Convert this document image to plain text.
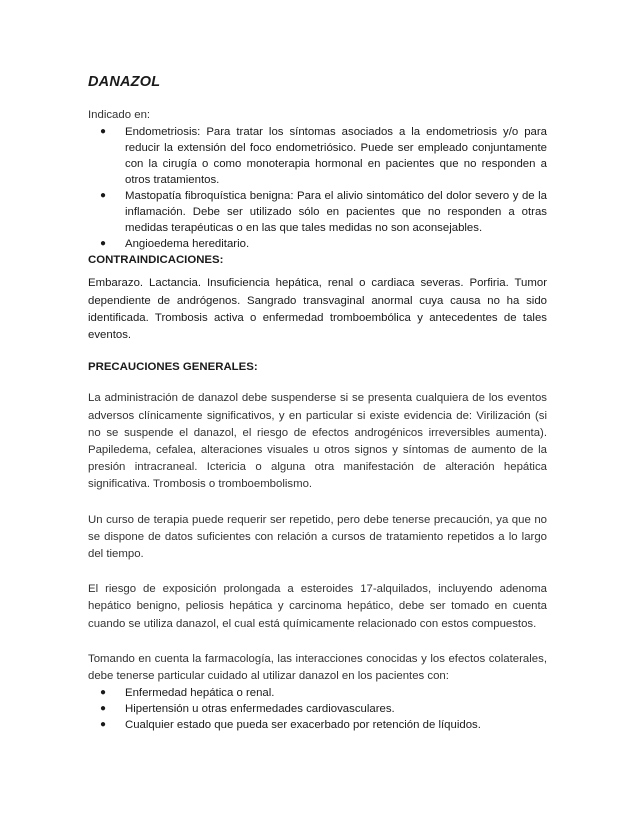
DANAZOL

Indicado en:

● Endometriosis: Para tratar los síntomas asociados a la endometriosis y/o para reducir la extensión del foco endometriósico. Puede ser empleado conjuntamente con la cirugía o como monoterapia hormonal en pacientes que no responden a otros tratamientos.
● Mastopatía fibroquística benigna: Para el alivio sintomático del dolor severo y de la inflamación. Debe ser utilizado sólo en pacientes que no responden a otras medidas terapéuticas o en las que tales medidas no son aconsejables.
● Angioedema hereditario.
CONTRAINDICACIONES:

Embarazo. Lactancia. Insuficiencia hepática, renal o cardiaca severas. Porfiria. Tumor dependiente de andrógenos. Sangrado transvaginal anormal cuya causa no ha sido identificada. Trombosis activa o enfermedad tromboembólica y antecedentes de tales eventos.

PRECAUCIONES GENERALES:

La administración de danazol debe suspenderse si se presenta cualquiera de los eventos adversos clínicamente significativos, y en particular si existe evidencia de: Virilización (si no se suspende el danazol, el riesgo de efectos androgénicos irreversibles aumenta). Papiledema, cefalea, alteraciones visuales u otros signos y síntomas de aumento de la presión intracraneal. Ictericia o alguna otra manifestación de alteración hepática significativa. Trombosis o tromboembolismo.

Un curso de terapia puede requerir ser repetido, pero debe tenerse precaución, ya que no se dispone de datos suficientes con relación a cursos de tratamiento repetidos a lo largo del tiempo.

El riesgo de exposición prolongada a esteroides 17-alquilados, incluyendo adenoma hepático benigno, peliosis hepática y carcinoma hepático, debe ser tomado en cuenta cuando se utiliza danazol, el cual está químicamente relacionado con estos compuestos.

Tomando en cuenta la farmacología, las interacciones conocidas y los efectos colaterales, debe tenerse particular cuidado al utilizar danazol en los pacientes con:

● Enfermedad hepática o renal.
● Hipertensión u otras enfermedades cardiovasculares.
● Cualquier estado que pueda ser exacerbado por retención de líquidos.
